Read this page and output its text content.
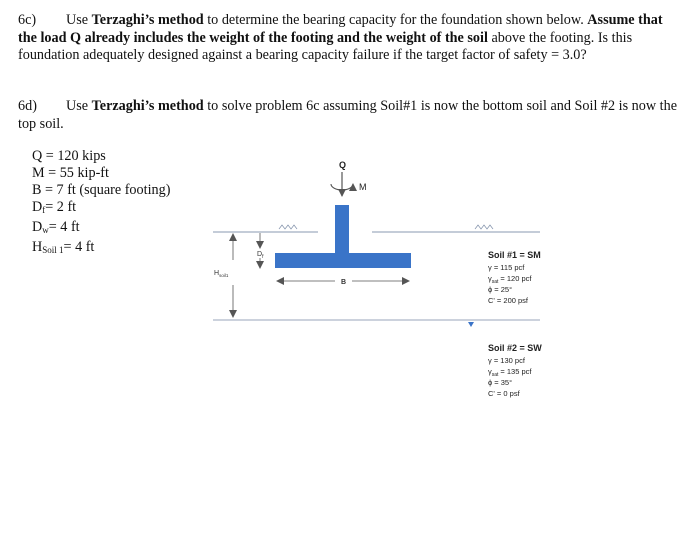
6c) Use Terzaghi’s method to determine the bearing capacity for the foundation shown below. Assume that the load Q already includes the weight of the footing and the weight of the soil above the footing. Is this foundation adequately designed against a bearing capacity failure if the target factor of safety = 3.0?
6d) Use Terzaghi’s method to solve problem 6c assuming Soil#1 is now the bottom soil and Soil #2 is now the top soil.
Q = 120 kips
M = 55 kip-ft
B = 7 ft (square footing)
$D_f= 2$ ft
$D_w= 4$ ft
$H_{Soil 1}= 4$ ft
Q
M
$D_f$
$H_{soil1}$
B
Soil #1 = SM
γ = 115 pcf
$\gamma_{sat} = 120$ pcf
ϕ = 25°
C' = 200 psf
Soil #2 = SW
γ = 130 pcf
$\gamma_{sat} = 135$ pcf
ϕ = 35°
C' = 0 psf
